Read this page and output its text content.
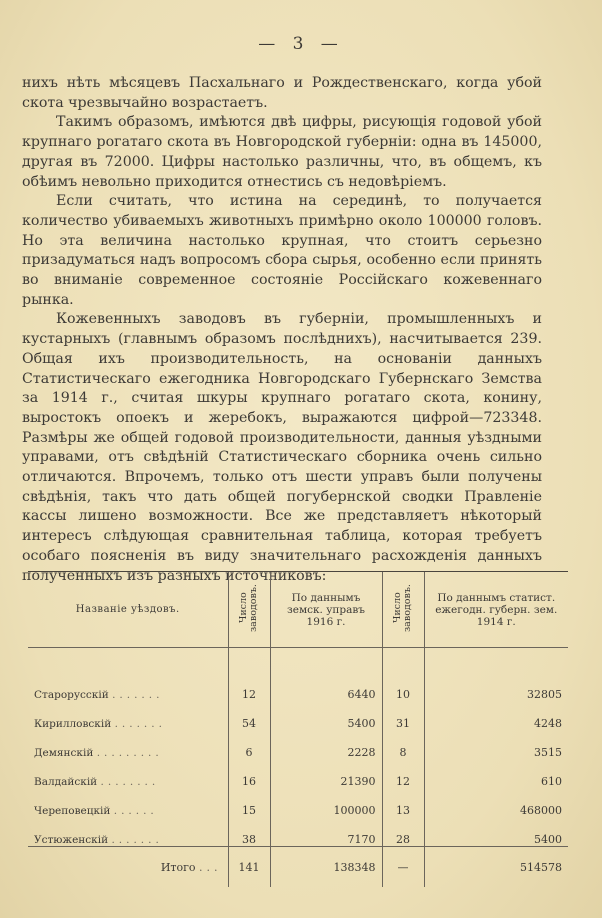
— 3 —

нихъ нѣть мѣсяцевъ Пасхальнаго и Рождественскаго, когда убой скота чрезвычайно возрастаетъ.

Такимъ образомъ, имѣются двѣ цифры, рисующія годовой убой крупнаго рогатаго скота въ Новгородской губерніи: одна въ 145000, другая въ 72000. Цифры настолько различны, что, въ общемъ, къ обѣимъ невольно приходится отнестись съ недовѣріемъ.

Если считать, что истина на серединѣ, то получается количество убиваемыхъ животныхъ примѣрно около 100000 головъ. Но эта величина настолько крупная, что стоитъ серьезно призадуматься надъ вопросомъ сбора сырья, особенно если принять во вниманіе современное состояніе Россійскаго кожевеннаго рынка.

Кожевенныхъ заводовъ въ губерніи, промышленныхъ и кустарныхъ (главнымъ образомъ послѣднихъ), насчитывается 239. Общая ихъ производительность, на основаніи данныхъ Статистическаго ежегодника Новгородскаго Губернскаго Земства за 1914 г., считая шкуры крупнаго рогатаго скота, конину, выростокъ опоекъ и жеребокъ, выражаются цифрой—723348. Размѣры же общей годовой производительности, данныя уѣздными управами, отъ свѣдѣній Статистическаго сборника очень сильно отличаются. Впрочемъ, только отъ шести управъ были получены свѣдѣнія, такъ что дать общей погубернской сводки Правленіе кассы лишено возможности. Все же представляетъ нѣкоторый интересъ слѣдующая сравнительная таблица, которая требуетъ особаго поясненія въ виду значительнаго расхожденія данныхъ полученныхъ изъ разныхъ источниковъ:

Названіе уѣздовъ.	Число заводовъ.	По даннымъ земск. управъ 1916 г.	Число заводовъ.	По даннымъ статист. ежегодн. губерн. зем. 1914 г.

Старорусскій .......	12	6440	10	32805
Кирилловскій .......	54	5400	31	4248
Демянскій .........	6	2228	8	3515
Валдайскій ........	16	21390	12	610
Череповецкій ......	15	100000	13	468000
Устюженскій .......	38	7170	28	5400
Итого ...	141	138348	—	514578
